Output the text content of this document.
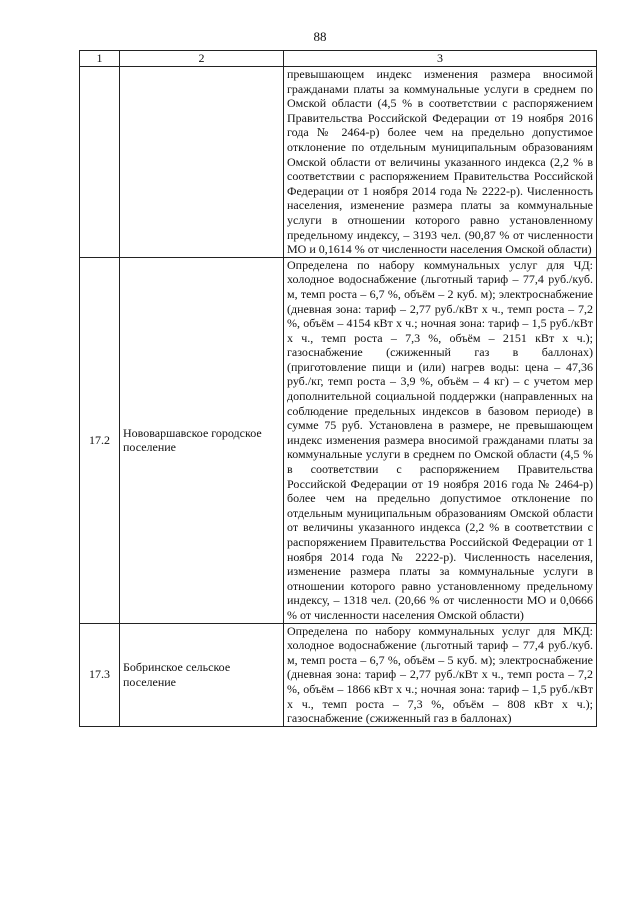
88
1	2	3

		превышающем индекс изменения размера вносимой гражданами платы за коммунальные услуги в среднем по Омской области (4,5 % в соответствии с распоряжением Правительства Российской Федерации от 19 ноября 2016 года № 2464-р) более чем на предельно допустимое отклонение по отдельным муниципальным образованиям Омской области от величины указанного индекса (2,2 % в соответствии с распоряжением Правительства Российской Федерации от 1 ноября 2014 года № 2222-р). Численность населения, изменение размера платы за коммунальные услуги в отношении которого равно установленному предельному индексу, – 3193 чел. (90,87 % от численности МО и 0,1614 % от численности населения Омской области)

17.2	Нововаршавское городское поселение	Определена по набору коммунальных услуг для ЧД: холодное водоснабжение (льготный тариф – 77,4 руб./куб. м, темп роста – 6,7 %, объём – 2 куб. м); электроснабжение (дневная зона: тариф – 2,77 руб./кВт х ч., темп роста – 7,2 %, объём – 4154 кВт х ч.; ночная зона: тариф – 1,5 руб./кВт х ч., темп роста – 7,3 %, объём – 2151 кВт х ч.); газоснабжение (сжиженный газ в баллонах) (приготовление пищи и (или) нагрев воды: цена – 47,36 руб./кг, темп роста – 3,9 %, объём – 4 кг) – с учетом мер дополнительной социальной поддержки (направленных на соблюдение предельных индексов в базовом периоде) в сумме 75 руб. Установлена в размере, не превышающем индекс изменения размера вносимой гражданами платы за коммунальные услуги в среднем по Омской области (4,5 % в соответствии с распоряжением Правительства Российской Федерации от 19 ноября 2016 года № 2464-р) более чем на предельно допустимое отклонение по отдельным муниципальным образованиям Омской области от величины указанного индекса (2,2 % в соответствии с распоряжением Правительства Российской Федерации от 1 ноября 2014 года № 2222-р). Численность населения, изменение размера платы за коммунальные услуги в отношении которого равно установленному предельному индексу, – 1318 чел. (20,66 % от численности МО и 0,0666 % от численности населения Омской области)

17.3	Бобринское сельское поселение	Определена по набору коммунальных услуг для МКД: холодное водоснабжение (льготный тариф – 77,4 руб./куб. м, темп роста – 6,7 %, объём – 5 куб. м); электроснабжение (дневная зона: тариф – 2,77 руб./кВт х ч., темп роста – 7,2 %, объём – 1866 кВт х ч.; ночная зона: тариф – 1,5 руб./кВт х ч., темп роста – 7,3 %, объём – 808 кВт х ч.); газоснабжение (сжиженный газ в баллонах)
